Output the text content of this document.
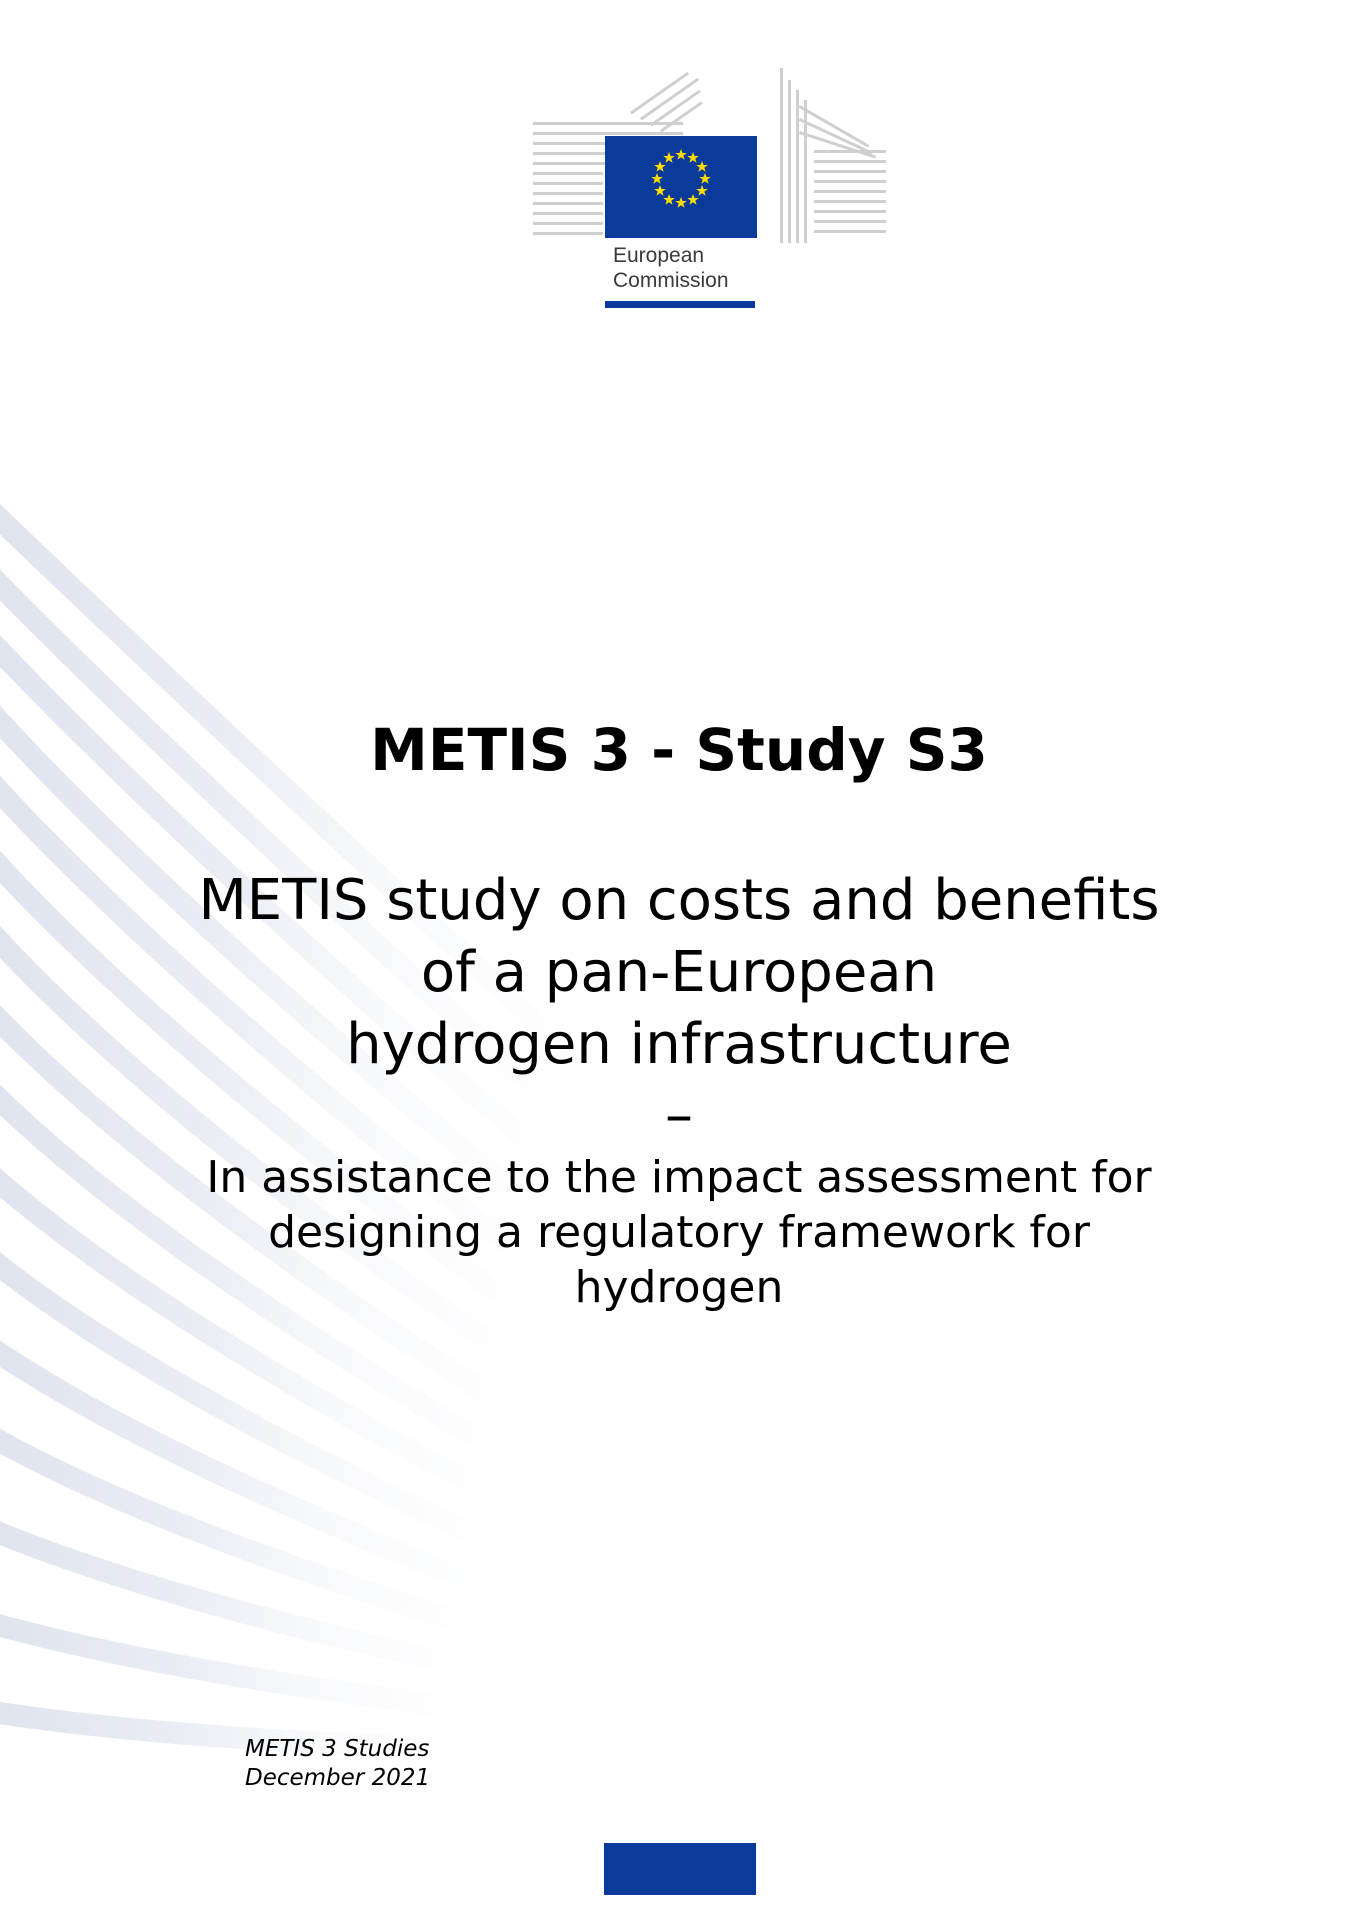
European
Commission
METIS 3 - Study S3
METIS study on costs and benefits
of a pan-European
hydrogen infrastructure
–
In assistance to the impact assessment for
designing a regulatory framework for
hydrogen
METIS 3 Studies
December 2021
